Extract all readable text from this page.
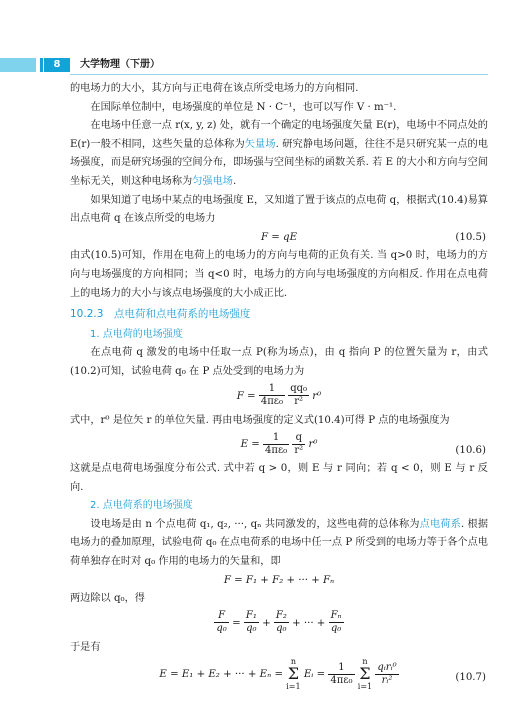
8	大学物理（下册）

的电场力的大小，其方向与正电荷在该点所受电场力的方向相同.

在国际单位制中，电场强度的单位是 N · C⁻¹，也可以写作 V · m⁻¹.

在电场中任意一点 r(x, y, z) 处，就有一个确定的电场强度矢量 E(r)，电场中不同点处的 E(r)一般不相同，这些矢量的总体称为矢量场. 研究静电场问题，往往不是只研究某一点的电场强度，而是研究场强的空间分布，即场强与空间坐标的函数关系. 若 E 的大小和方向与空间坐标无关，则这种电场称为匀强电场.

如果知道了电场中某点的电场强度 E，又知道了置于该点的点电荷 q，根据式(10.4)易算出点电荷 q 在该点所受的电场力

F = qE	(10.5)

由式(10.5)可知，作用在电荷上的电场力的方向与电荷的正负有关. 当 q>0 时，电场力的方向与电场强度的方向相同；当 q<0 时，电场力的方向与电场强度的方向相反. 作用在点电荷上的电场力的大小与该点电场强度的大小成正比.

10.2.3　点电荷和点电荷系的电场强度
1. 点电荷的电场强度

在点电荷 q 激发的电场中任取一点 P(称为场点)，由 q 指向 P 的位置矢量为 r，由式(10.2)可知，试验电荷 q₀ 在 P 点处受到的电场力为

$F = \frac{1}{\text{4πε₀}}$
$\frac{\text{qq₀}}{\text{r²}} r^0$

式中，r⁰ 是位矢 r 的单位矢量. 再由电场强度的定义式(10.4)可得 P 点的电场强度为

$E = \frac{1}{\text{4πε₀}}$
$\frac{q}{\text{r²}} r^0$
(10.6)

这就是点电荷电场强度分布公式. 式中若 q > 0，则 E 与 r 同向；若 q < 0，则 E 与 r 反向.

2. 点电荷系的电场强度

设电场是由 n 个点电荷 q₁, q₂, ···, qₙ 共同激发的，这些电荷的总体称为点电荷系. 根据电场力的叠加原理，试验电荷 q₀ 在点电荷系的电场中任一点 P 所受到的电场力等于各个点电荷单独存在时对 q₀ 作用的电场力的矢量和，即

F = F₁ + F₂ + ··· + Fₙ

两边除以 q₀，得

$\frac{F}{\text{q₀}} = \frac{\text{F₁}}{\text{q₀}} + \frac{\text{F₂}}{\text{q₀}}$ + ··· + $\frac{\text{Fₙ}}{\text{q₀}}$

于是有

E = E₁ + E₂ + ··· + Eₙ = n
Σ
i=1 Eᵢ = $\frac{1}{\text{4πε₀}}$ n
Σ
$i=1 \frac{\text{qᵢrᵢ⁰}}{\text{rᵢ²}}$	(10.7)
